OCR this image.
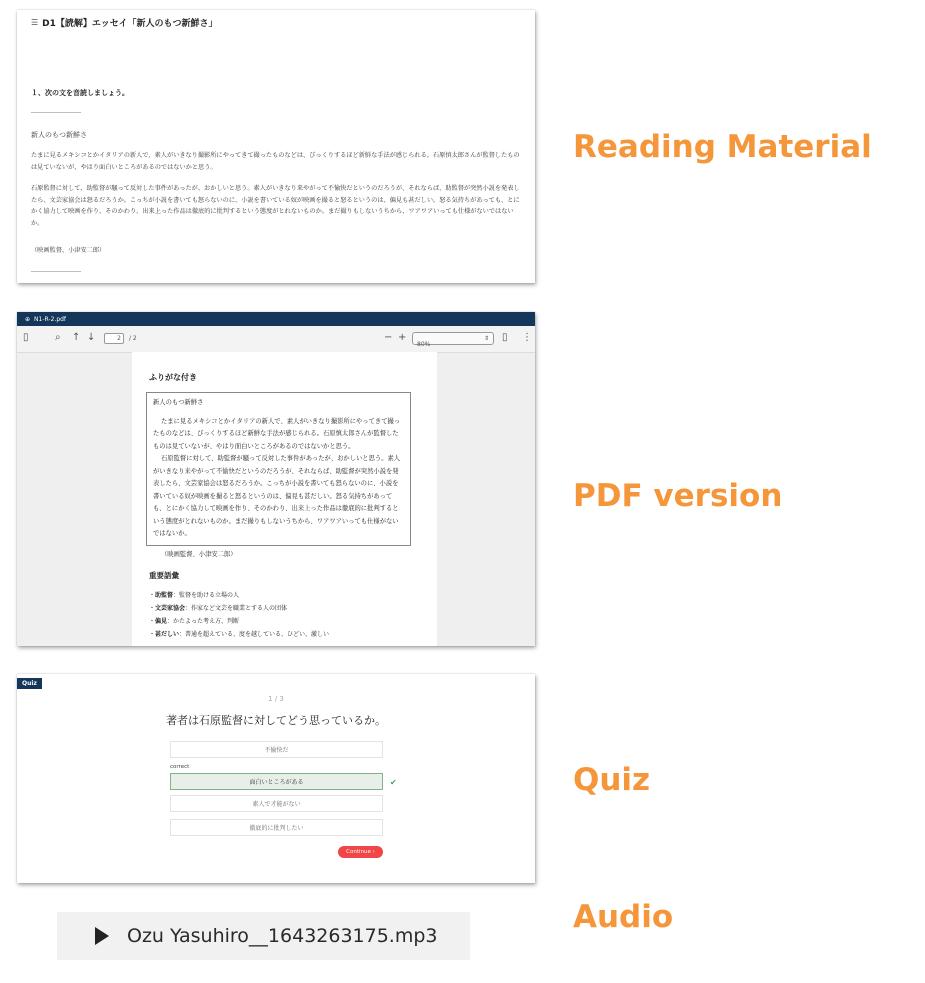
☰ D1【読解】エッセイ「新人のもつ新鮮さ」
１、次の文を音読しましょう。
新人のもつ新鮮さ
たまに見るメキシコとかイタリアの新人で、素人がいきなり撮影所にやってきて撮ったものなどは、びっくりするほど新鮮な手法が感じられる。石原慎太郎さんが監督したものは見ていないが、やはり面白いところがあるのではないかと思う。
石原監督に対して、助監督が騒って反対した事件があったが、おかしいと思う。素人がいきなり来やがって不愉快だというのだろうが、それならば、助監督が突然小説を発表したら、文芸家協会は怒るだろうか。こっちが小説を書いても怒らないのに、小説を書いている奴が映画を撮ると怒るというのは、偏見も甚だしい。怒る気持ちがあっても、とにかく協力して映画を作り、そのかわり、出来上った作品は徹底的に批判するという態度がとれないものか。まだ撮りもしないうちから、ワアワアいっても仕様がないではないか。
（映画監督、小津安二郎）
Reading Material
⊕ N1-R-2.pdf
▯	⌕ ↑ ↓	2	/ 2	− +
80%
⇕ ▯ ⋮
ふりがな付き
新人のもつ新鮮さ

たまに見るメキシコとかイタリアの新人で、素人がいきなり撮影所にやってきて撮ったものなどは、びっくりするほど新鮮な手法が感じられる。石原慎太郎さんが監督したものは見ていないが、やはり面白いところがあるのではないかと思う。

石原監督に対して、助監督が騒って反対した事件があったが、おかしいと思う。素人がいきなり来やがって不愉快だというのだろうが、それならば、助監督が突然小説を発表したら、文芸家協会は怒るだろうか。こっちが小説を書いても怒らないのに、小説を書いている奴が映画を撮ると怒るというのは、偏見も甚だしい。怒る気持ちがあっても、とにかく協力して映画を作り、そのかわり、出来上った作品は徹底的に批判するという態度がとれないものか。まだ撮りもしないうちから、ワアワアいっても仕様がないではないか。

（映画監督、小津安二郎）

重要語彙
・助監督：監督を助ける立場の人
・文芸家協会：作家など文芸を職業とする人の団体
・偏見：かたよった考え方、判断
・甚だしい：普通を超えている、度を越している、ひどい、激しい
PDF version
Quiz
1 / 3
著者は石原監督に対してどう思っているか。
不愉快だ
correct
面白いところがある	✔
素人で才能がない
徹底的に批判したい
Continue ›
Quiz
Ozu Yasuhiro__1643263175.mp3
Audio
